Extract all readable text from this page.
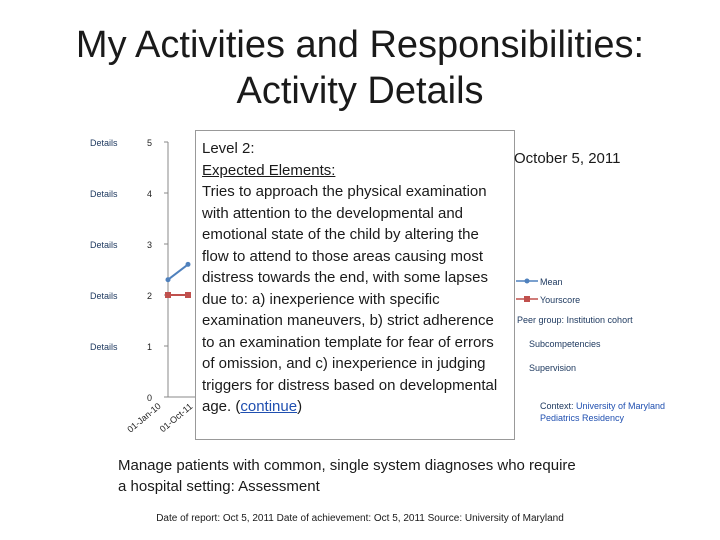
My Activities and Responsibilities:
Activity Details
Details
Details
Details
Details
Details
5
4
3
2
1
0
01-Jan-10
01-Oct-11
Level 2:
Expected Elements:
Tries to approach the physical examination with attention to the developmental and emotional state of the child by altering the flow to attend to those areas causing most distress towards the end, with some lapses due to: a) inexperience with specific examination maneuvers, b) strict adherence to an examination template for fear of errors of omission, and c) inexperience in judging triggers for distress based on developmental age. (continue)
October 5, 2011
Mean
Yourscore
Peer group: Institution cohort
Subcompetencies
Supervision
Context: University of Maryland
Pediatrics Residency
Manage patients with common, single system diagnoses who require a hospital setting: Assessment
Date of report: Oct 5, 2011 Date of achievement: Oct 5, 2011 Source: University of Maryland
